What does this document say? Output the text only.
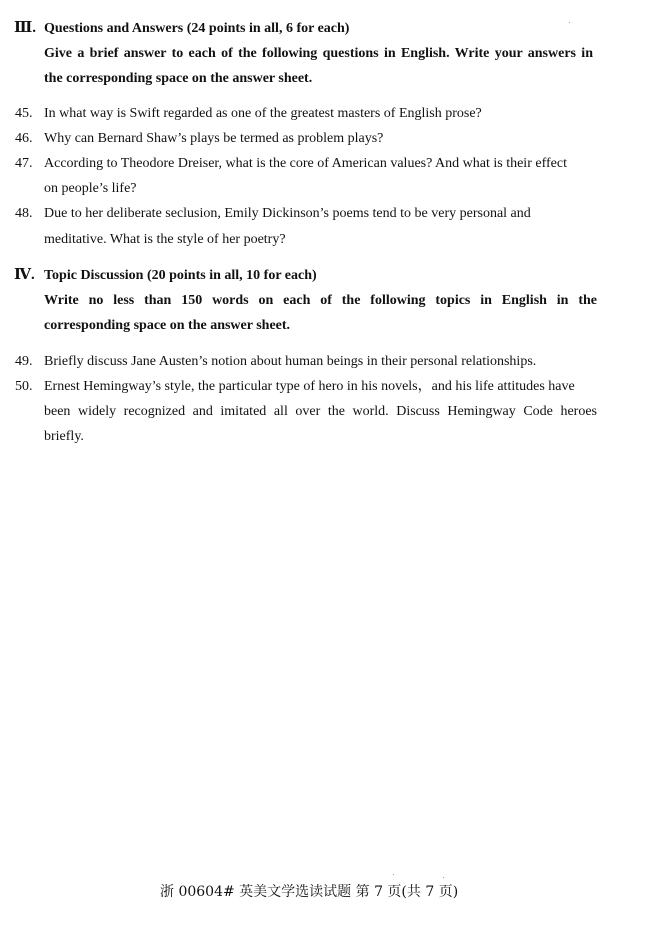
Ⅲ. Questions and Answers (24 points in all, 6 for each)
Give a brief answer to each of the following questions in English. Write your answers in
the corresponding space on the answer sheet.
45. In what way is Swift regarded as one of the greatest masters of English prose?
46. Why can Bernard Shaw’s plays be termed as problem plays?
47. According to Theodore Dreiser, what is the core of American values? And what is their effect
on people’s life?
48. Due to her deliberate seclusion, Emily Dickinson’s poems tend to be very personal and
meditative. What is the style of her poetry?
Ⅳ. Topic Discussion (20 points in all, 10 for each)
Write no less than 150 words on each of the following topics in English in the
corresponding space on the answer sheet.
49. Briefly discuss Jane Austen’s notion about human beings in their personal relationships.
50. Ernest Hemingway’s style, the particular type of hero in his novels，and his life attitudes have
been widely recognized and imitated all over the world. Discuss Hemingway Code heroes
briefly.
浙 00604# 英美文学选读试题 第 7 页(共 7 页)
